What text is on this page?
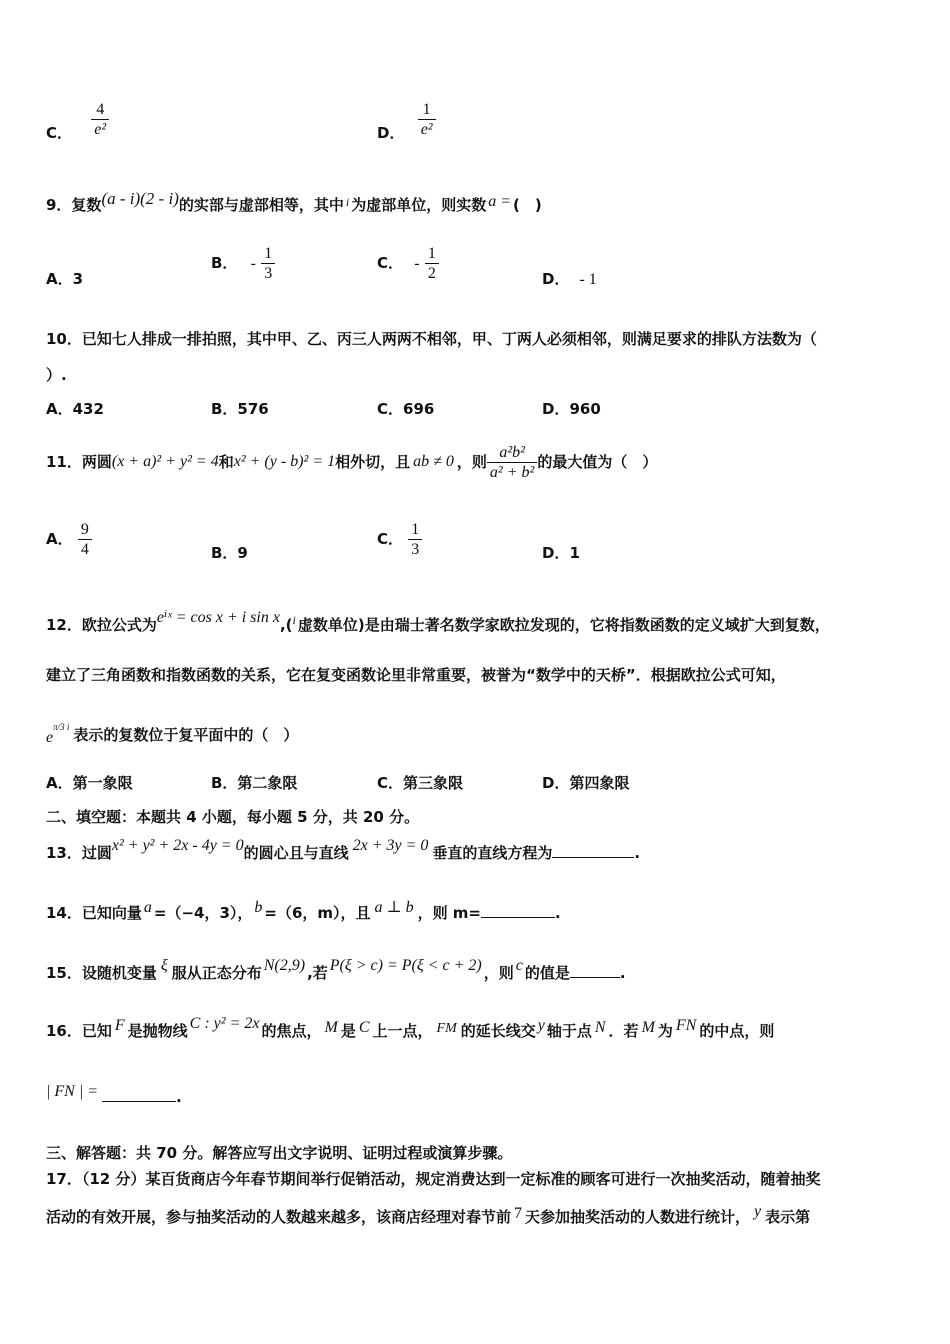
C． $\frac{4}{\text{e²}}$	D． $\frac{1}{\text{e²}}$
9．复数(a - i)(2 - i)的实部与虚部相等，其中 $^i$ 为虚部单位，则实数 a = (　)
A．3
B． - $\frac{1}{3}$	C． - $\frac{1}{2}$	D． - 1
10．已知七人排成一排拍照，其中甲、乙、丙三人两两不相邻，甲、丁两人必须相邻，则满足要求的排队方法数为（
）.
A．432	B．576	C．696	D．960
11．两圆 (x + a)² + y² = 4 和 x² + (y - b)² = 1 相外切，且 ab ≠ 0 ，则 $\frac{\text{a²b²}}{\text{a² + b²}}$ 的最大值为（　）
A． $\frac{9}{4}$	B．9
C． $\frac{1}{3}$	D．1
12．欧拉公式为eⁱˣ = cos x + i sin x,($^i$ 虚数单位)是由瑞士著名数学家欧拉发现的，它将指数函数的定义域扩大到复数，
建立了三角函数和指数函数的关系，它在复变函数论里非常重要，被誉为“数学中的天桥”．根据欧拉公式可知，
$e^{\pi/3 i}$ 表示的复数位于复平面中的（　）
A．第一象限	B．第二象限	C．第三象限	D．第四象限
二、填空题：本题共 4 小题，每小题 5 分，共 20 分。
13．过圆x² + y² + 2x - 4y = 0的圆心且与直线 2x + 3y = 0 垂直的直线方程为	.
14．已知向量 a =（−4，3）， b =（6，m），且 a ⊥ b ，则 m=	.
15．设随机变量 ξ 服从正态分布 N(2,9) ,若 P(ξ > c) = P(ξ < c + 2) ，则 c 的值是	.
16．已知 F 是抛物线 C : y² = 2x 的焦点， M 是 C 上一点， FM 的延长线交 y 轴于点 N ．若 M 为 FN 的中点，则
| FN | =	.
三、解答题：共 70 分。解答应写出文字说明、证明过程或演算步骤。
17．（12 分）某百货商店今年春节期间举行促销活动，规定消费达到一定标准的顾客可进行一次抽奖活动，随着抽奖
活动的有效开展，参与抽奖活动的人数越来越多，该商店经理对春节前 7 天参加抽奖活动的人数进行统计， y 表示第
